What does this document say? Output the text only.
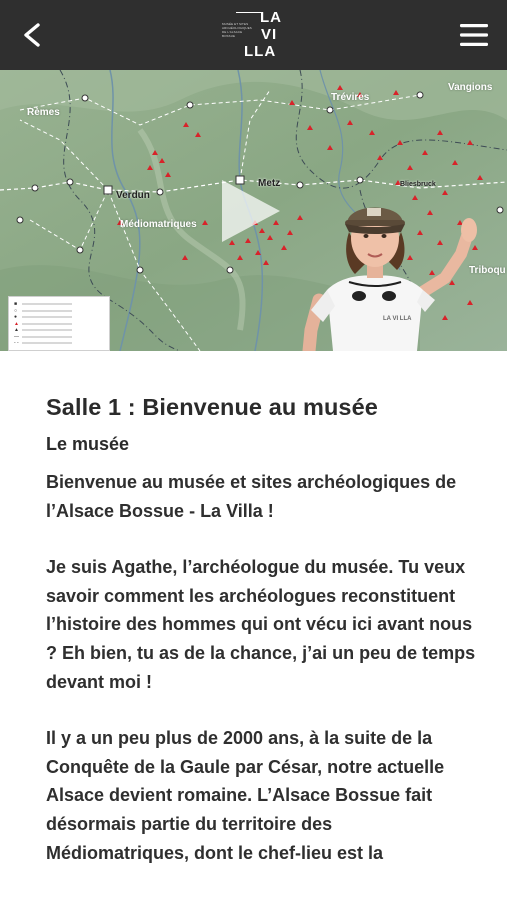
MUSÉE ET SITES ARCHÉOLOGIQUES DE L'ALSACE BOSSUE
LA
VI
LLA
Rèmes
Trévires
Vangions
Verdun
Metz
Médiomatriques
Triboqu
Bliesbruck
■
○
●
▲
▲
—
- -
LA VI LLA
Salle 1 : Bienvenue au musée
Le musée

Bienvenue au musée et sites archéologiques de l’Alsace Bossue - La Villa !

Je suis Agathe, l’archéologue du musée. Tu veux savoir comment les archéologues reconstituent l’histoire des hommes qui ont vécu ici avant nous ? Eh bien, tu as de la chance, j’ai un peu de temps devant moi !

Il y a un peu plus de 2000 ans, à la suite de la Conquête de la Gaule par César, notre actuelle Alsace devient romaine. L’Alsace Bossue fait désormais partie du territoire des Médiomatriques, dont le chef-lieu est la
